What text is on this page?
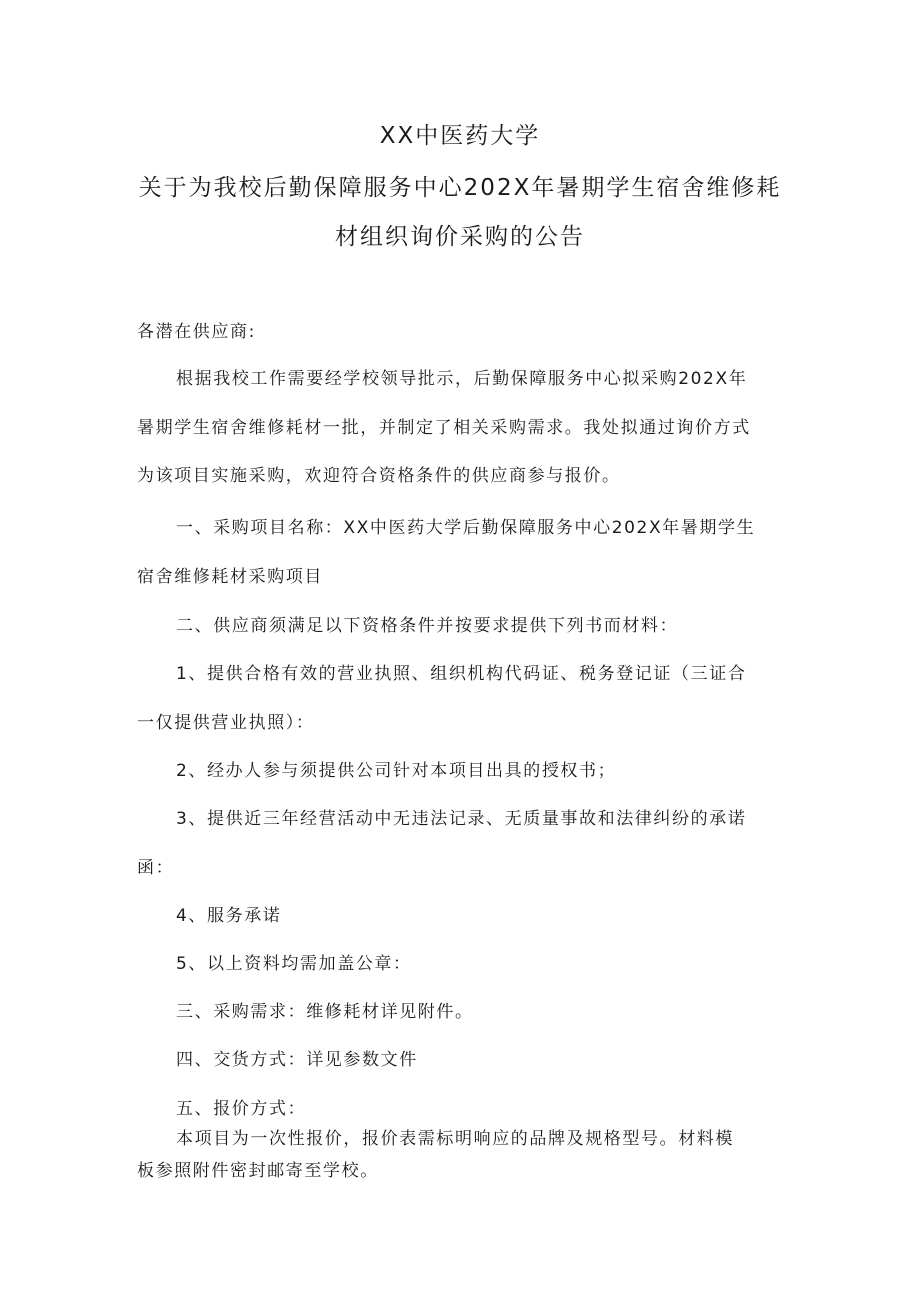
XX中医药大学
关于为我校后勤保障服务中心202X年暑期学生宿舍维修耗
材组织询价采购的公告
各潜在供应商:
根据我校工作需要经学校领导批示，后勤保障服务中心拟采购202X年
暑期学生宿舍维修耗材一批，并制定了相关采购需求。我处拟通过询价方式
为该项目实施采购，欢迎符合资格条件的供应商参与报价。
一、采购项目名称：XX中医药大学后勤保障服务中心202X年暑期学生
宿舍维修耗材采购项目
二、供应商须满足以下资格条件并按要求提供下列书而材料：
1、提供合格有效的营业执照、组织机构代码证、税务登记证（三证合
一仅提供营业执照）：
2、经办人参与须提供公司针对本项目出具的授权书；
3、提供近三年经营活动中无违法记录、无质量事故和法律纠纷的承诺
函：
4、服务承诺
5、以上资料均需加盖公章：
三、采购需求：维修耗材详见附件。
四、交货方式：详见参数文件
五、报价方式：
本项目为一次性报价，报价表需标明响应的品牌及规格型号。材料模
板参照附件密封邮寄至学校。
